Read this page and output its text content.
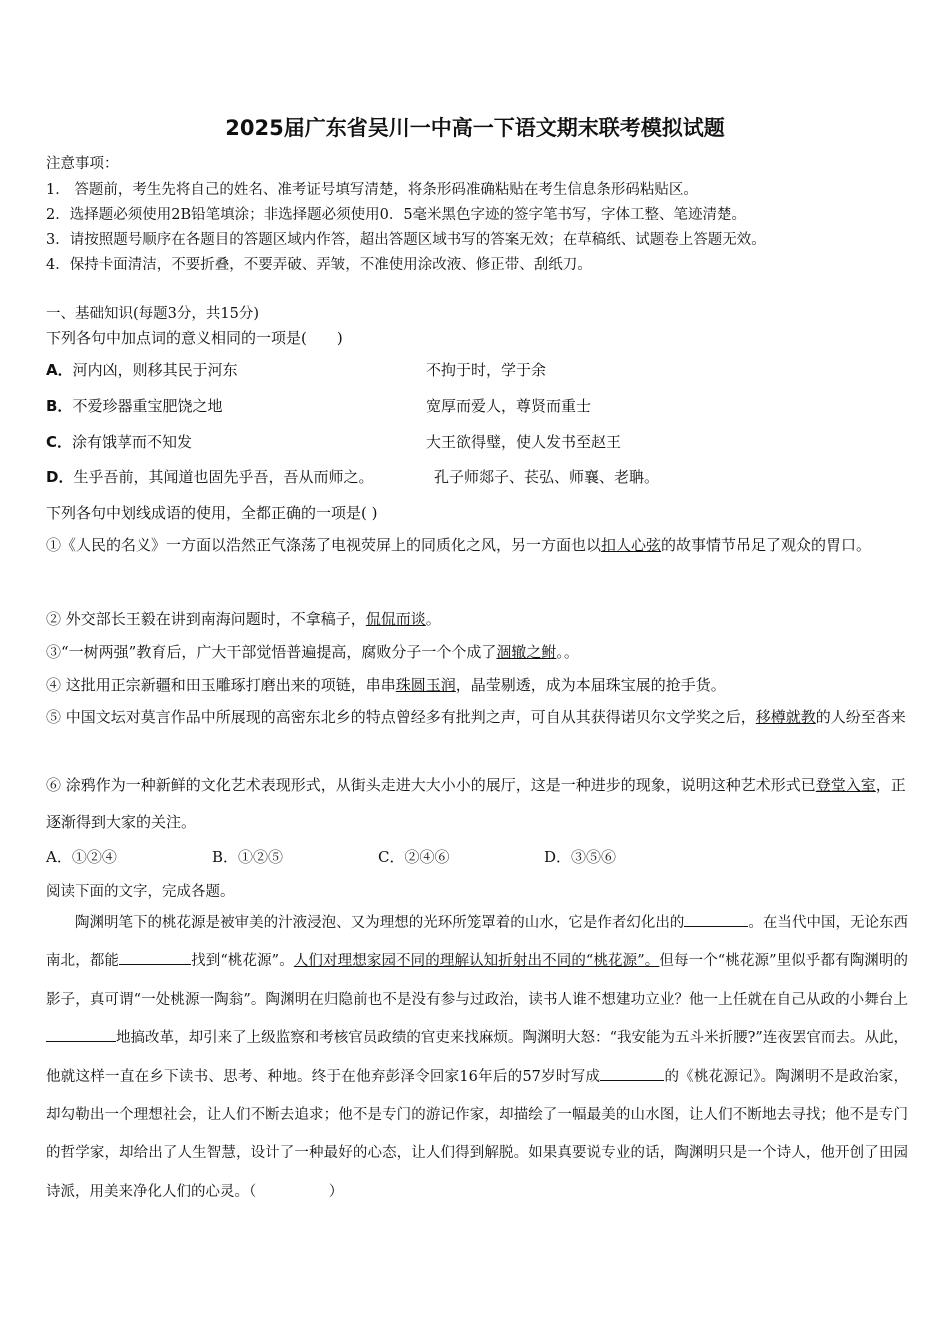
2025届广东省吴川一中高一下语文期末联考模拟试题
注意事项：
1． 答题前，考生先将自己的姓名、准考证号填写清楚，将条形码准确粘贴在考生信息条形码粘贴区。
2．选择题必须使用2B铅笔填涂；非选择题必须使用0．5毫米黑色字迹的签字笔书写，字体工整、笔迹清楚。
3．请按照题号顺序在各题目的答题区域内作答，超出答题区域书写的答案无效；在草稿纸、试题卷上答题无效。
4．保持卡面清洁，不要折叠，不要弄破、弄皱，不准使用涂改液、修正带、刮纸刀。
一、基础知识(每题3分，共15分)
下列各句中加点词的意义相同的一项是(　　)
A．河内凶，则移其民于河东	不拘于时，学于余
B．不爱珍器重宝肥饶之地	宽厚而爱人，尊贤而重士
C．涂有饿莩而不知发	大王欲得璧，使人发书至赵王
D．生乎吾前，其闻道也固先乎吾，吾从而师之。	孔子师郯子、苌弘、师襄、老聃。
下列各句中划线成语的使用，全都正确的一项是( )
①《人民的名义》一方面以浩然正气涤荡了电视荧屏上的同质化之风，另一方面也以扣人心弦的故事情节吊足了观众的胃口。
② 外交部长王毅在讲到南海问题时，不拿稿子，侃侃而谈。
③“一树两强”教育后，广大干部觉悟普遍提高，腐败分子一个个成了涸辙之鲋。。
④ 这批用正宗新疆和田玉雕琢打磨出来的项链，串串珠圆玉润，晶莹剔透，成为本届珠宝展的抢手货。
⑤ 中国文坛对莫言作品中所展现的高密东北乡的特点曾经多有批判之声，可自从其获得诺贝尔文学奖之后，移樽就教的人纷至沓来
⑥ 涂鸦作为一种新鲜的文化艺术表现形式，从街头走进大大小小的展厅，这是一种进步的现象，说明这种艺术形式已登堂入室，正逐渐得到大家的关注。
A．①②④	B．①②⑤	C．②④⑥	D．③⑤⑥
阅读下面的文字，完成各题。
陶渊明笔下的桃花源是被审美的汁液浸泡、又为理想的光环所笼罩着的山水，它是作者幻化出的	。在当代中国，无论东西南北，都能	找到“桃花源”。人们对理想家园不同的理解认知折射出不同的“桃花源”。但每一个“桃花源”里似乎都有陶渊明的影子，真可谓“一处桃源一陶翁”。陶渊明在归隐前也不是没有参与过政治，读书人谁不想建功立业？他一上任就在自己从政的小舞台上地搞改革，却引来了上级监察和考核官员政绩的官吏来找麻烦。陶渊明大怒：“我安能为五斗米折腰?”连夜罢官而去。从此，他就这样一直在乡下读书、思考、种地。终于在他弃彭泽令回家16年后的57岁时写成	的《桃花源记》。陶渊明不是政治家，却勾勒出一个理想社会，让人们不断去追求；他不是专门的游记作家，却描绘了一幅最美的山水图，让人们不断地去寻找；他不是专门的哲学家，却给出了人生智慧，设计了一种最好的心态，让人们得到解脱。如果真要说专业的话，陶渊明只是一个诗人，他开创了田园诗派，用美来净化人们的心灵。（　　　　　）
